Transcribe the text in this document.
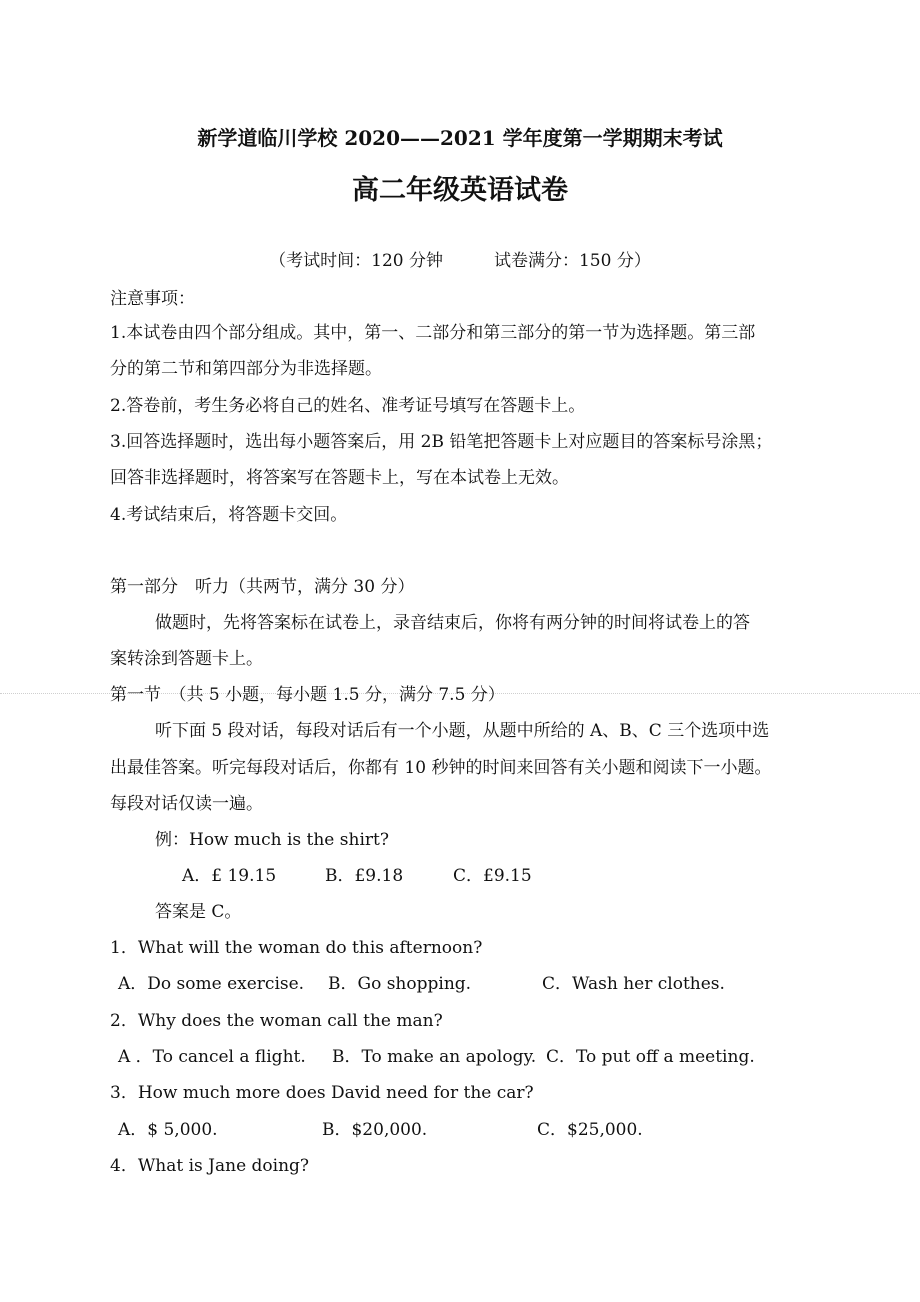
新学道临川学校 2020——2021 学年度第一学期期末考试
高二年级英语试卷
（考试时间：120 分钟　　　试卷满分：150 分）
注意事项：
1.本试卷由四个部分组成。其中，第一、二部分和第三部分的第一节为选择题。第三部
分的第二节和第四部分为非选择题。
2.答卷前，考生务必将自己的姓名、准考证号填写在答题卡上。
3.回答选择题时，选出每小题答案后，用 2B 铅笔把答题卡上对应题目的答案标号涂黑；
回答非选择题时，将答案写在答题卡上，写在本试卷上无效。
4.考试结束后，将答题卡交回。
第一部分　听力（共两节，满分 30 分）
做题时，先将答案标在试卷上，录音结束后，你将有两分钟的时间将试卷上的答
案转涂到答题卡上。
第一节　（共 5 小题，每小题 1.5 分，满分 7.5 分）
听下面 5 段对话，每段对话后有一个小题，从题中所给的 A、B、C 三个选项中选
出最佳答案。听完每段对话后，你都有 10 秒钟的时间来回答有关小题和阅读下一小题。
每段对话仅读一遍。
例：How much is the shirt?
A．£ 19.15	B．£9.18	C．£9.15
答案是 C。
1．What will the woman do this afternoon?
A．Do some exercise. B．Go shopping.	C．Wash her clothes.
2．Why does the woman call the man?
A ．To cancel a flight. B．To make an apology. C．To put off a meeting.
3．How much more does David need for the car?
A．$ 5,000.	B．$20,000.	C．$25,000.
4．What is Jane doing?
